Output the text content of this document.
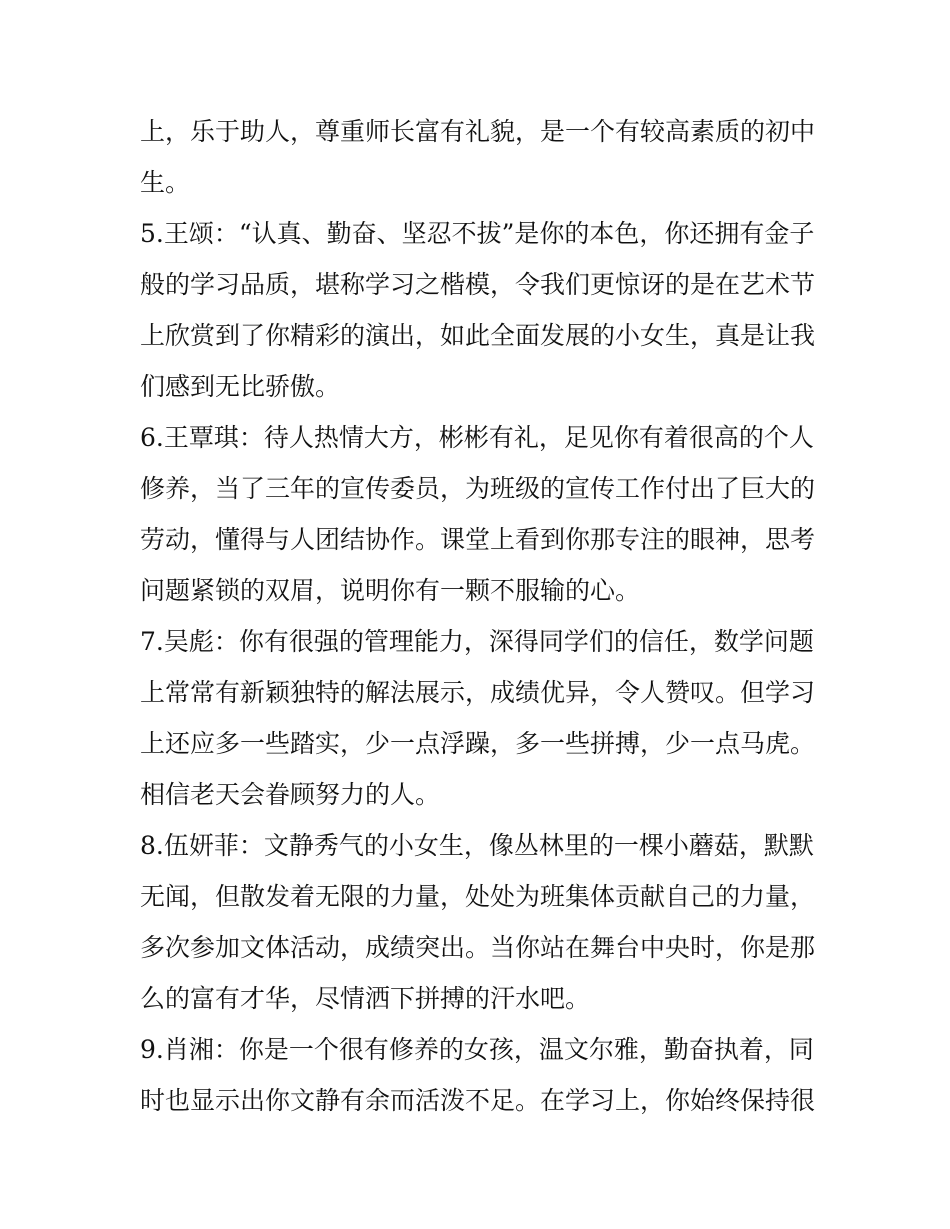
上，乐于助人，尊重师长富有礼貌，是一个有较高素质的初中
生。
5.王颂：“认真、勤奋、坚忍不拔”是你的本色，你还拥有金子
般的学习品质，堪称学习之楷模，令我们更惊讶的是在艺术节
上欣赏到了你精彩的演出，如此全面发展的小女生，真是让我
们感到无比骄傲。
6.王覃琪：待人热情大方，彬彬有礼，足见你有着很高的个人
修养，当了三年的宣传委员，为班级的宣传工作付出了巨大的
劳动，懂得与人团结协作。课堂上看到你那专注的眼神，思考
问题紧锁的双眉，说明你有一颗不服输的心。
7.吴彪：你有很强的管理能力，深得同学们的信任，数学问题
上常常有新颖独特的解法展示，成绩优异，令人赞叹。但学习
上还应多一些踏实，少一点浮躁，多一些拼搏，少一点马虎。
相信老天会眷顾努力的人。
8.伍妍菲：文静秀气的小女生，像丛林里的一棵小蘑菇，默默
无闻，但散发着无限的力量，处处为班集体贡献自己的力量，
多次参加文体活动，成绩突出。当你站在舞台中央时，你是那
么的富有才华，尽情洒下拼搏的汗水吧。
9.肖湘：你是一个很有修养的女孩，温文尔雅，勤奋执着，同
时也显示出你文静有余而活泼不足。在学习上，你始终保持很
